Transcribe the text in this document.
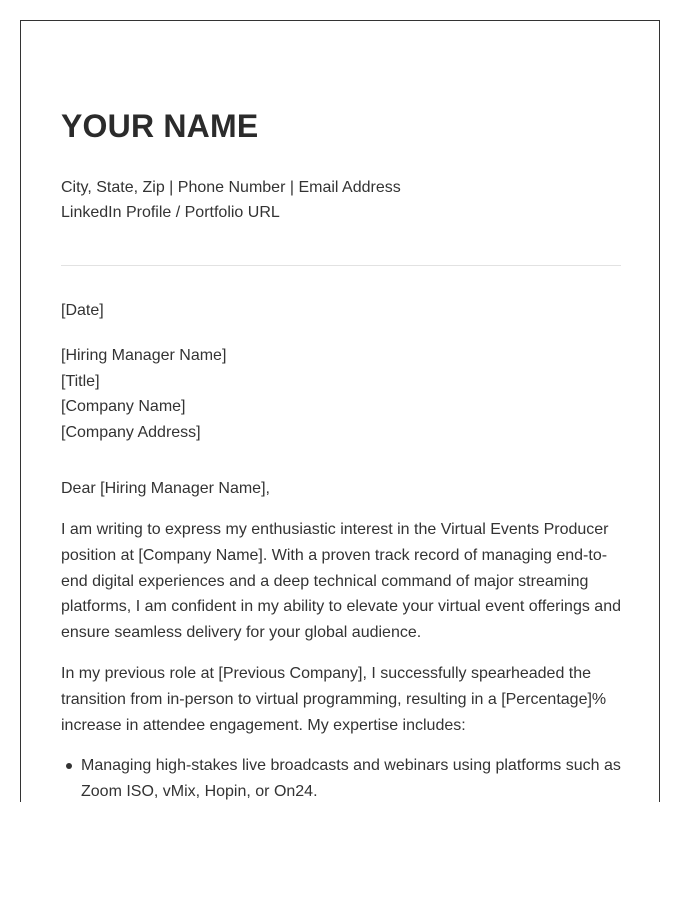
YOUR NAME
City, State, Zip | Phone Number | Email Address
LinkedIn Profile / Portfolio URL
[Date]
[Hiring Manager Name]
[Title]
[Company Name]
[Company Address]
Dear [Hiring Manager Name],

I am writing to express my enthusiastic interest in the Virtual Events Producer position at [Company Name]. With a proven track record of managing end-to-end digital experiences and a deep technical command of major streaming platforms, I am confident in my ability to elevate your virtual event offerings and ensure seamless delivery for your global audience.

In my previous role at [Previous Company], I successfully spearheaded the transition from in-person to virtual programming, resulting in a [Percentage]% increase in attendee engagement. My expertise includes:

Managing high-stakes live broadcasts and webinars using platforms such as Zoom ISO, vMix, Hopin, or On24.
